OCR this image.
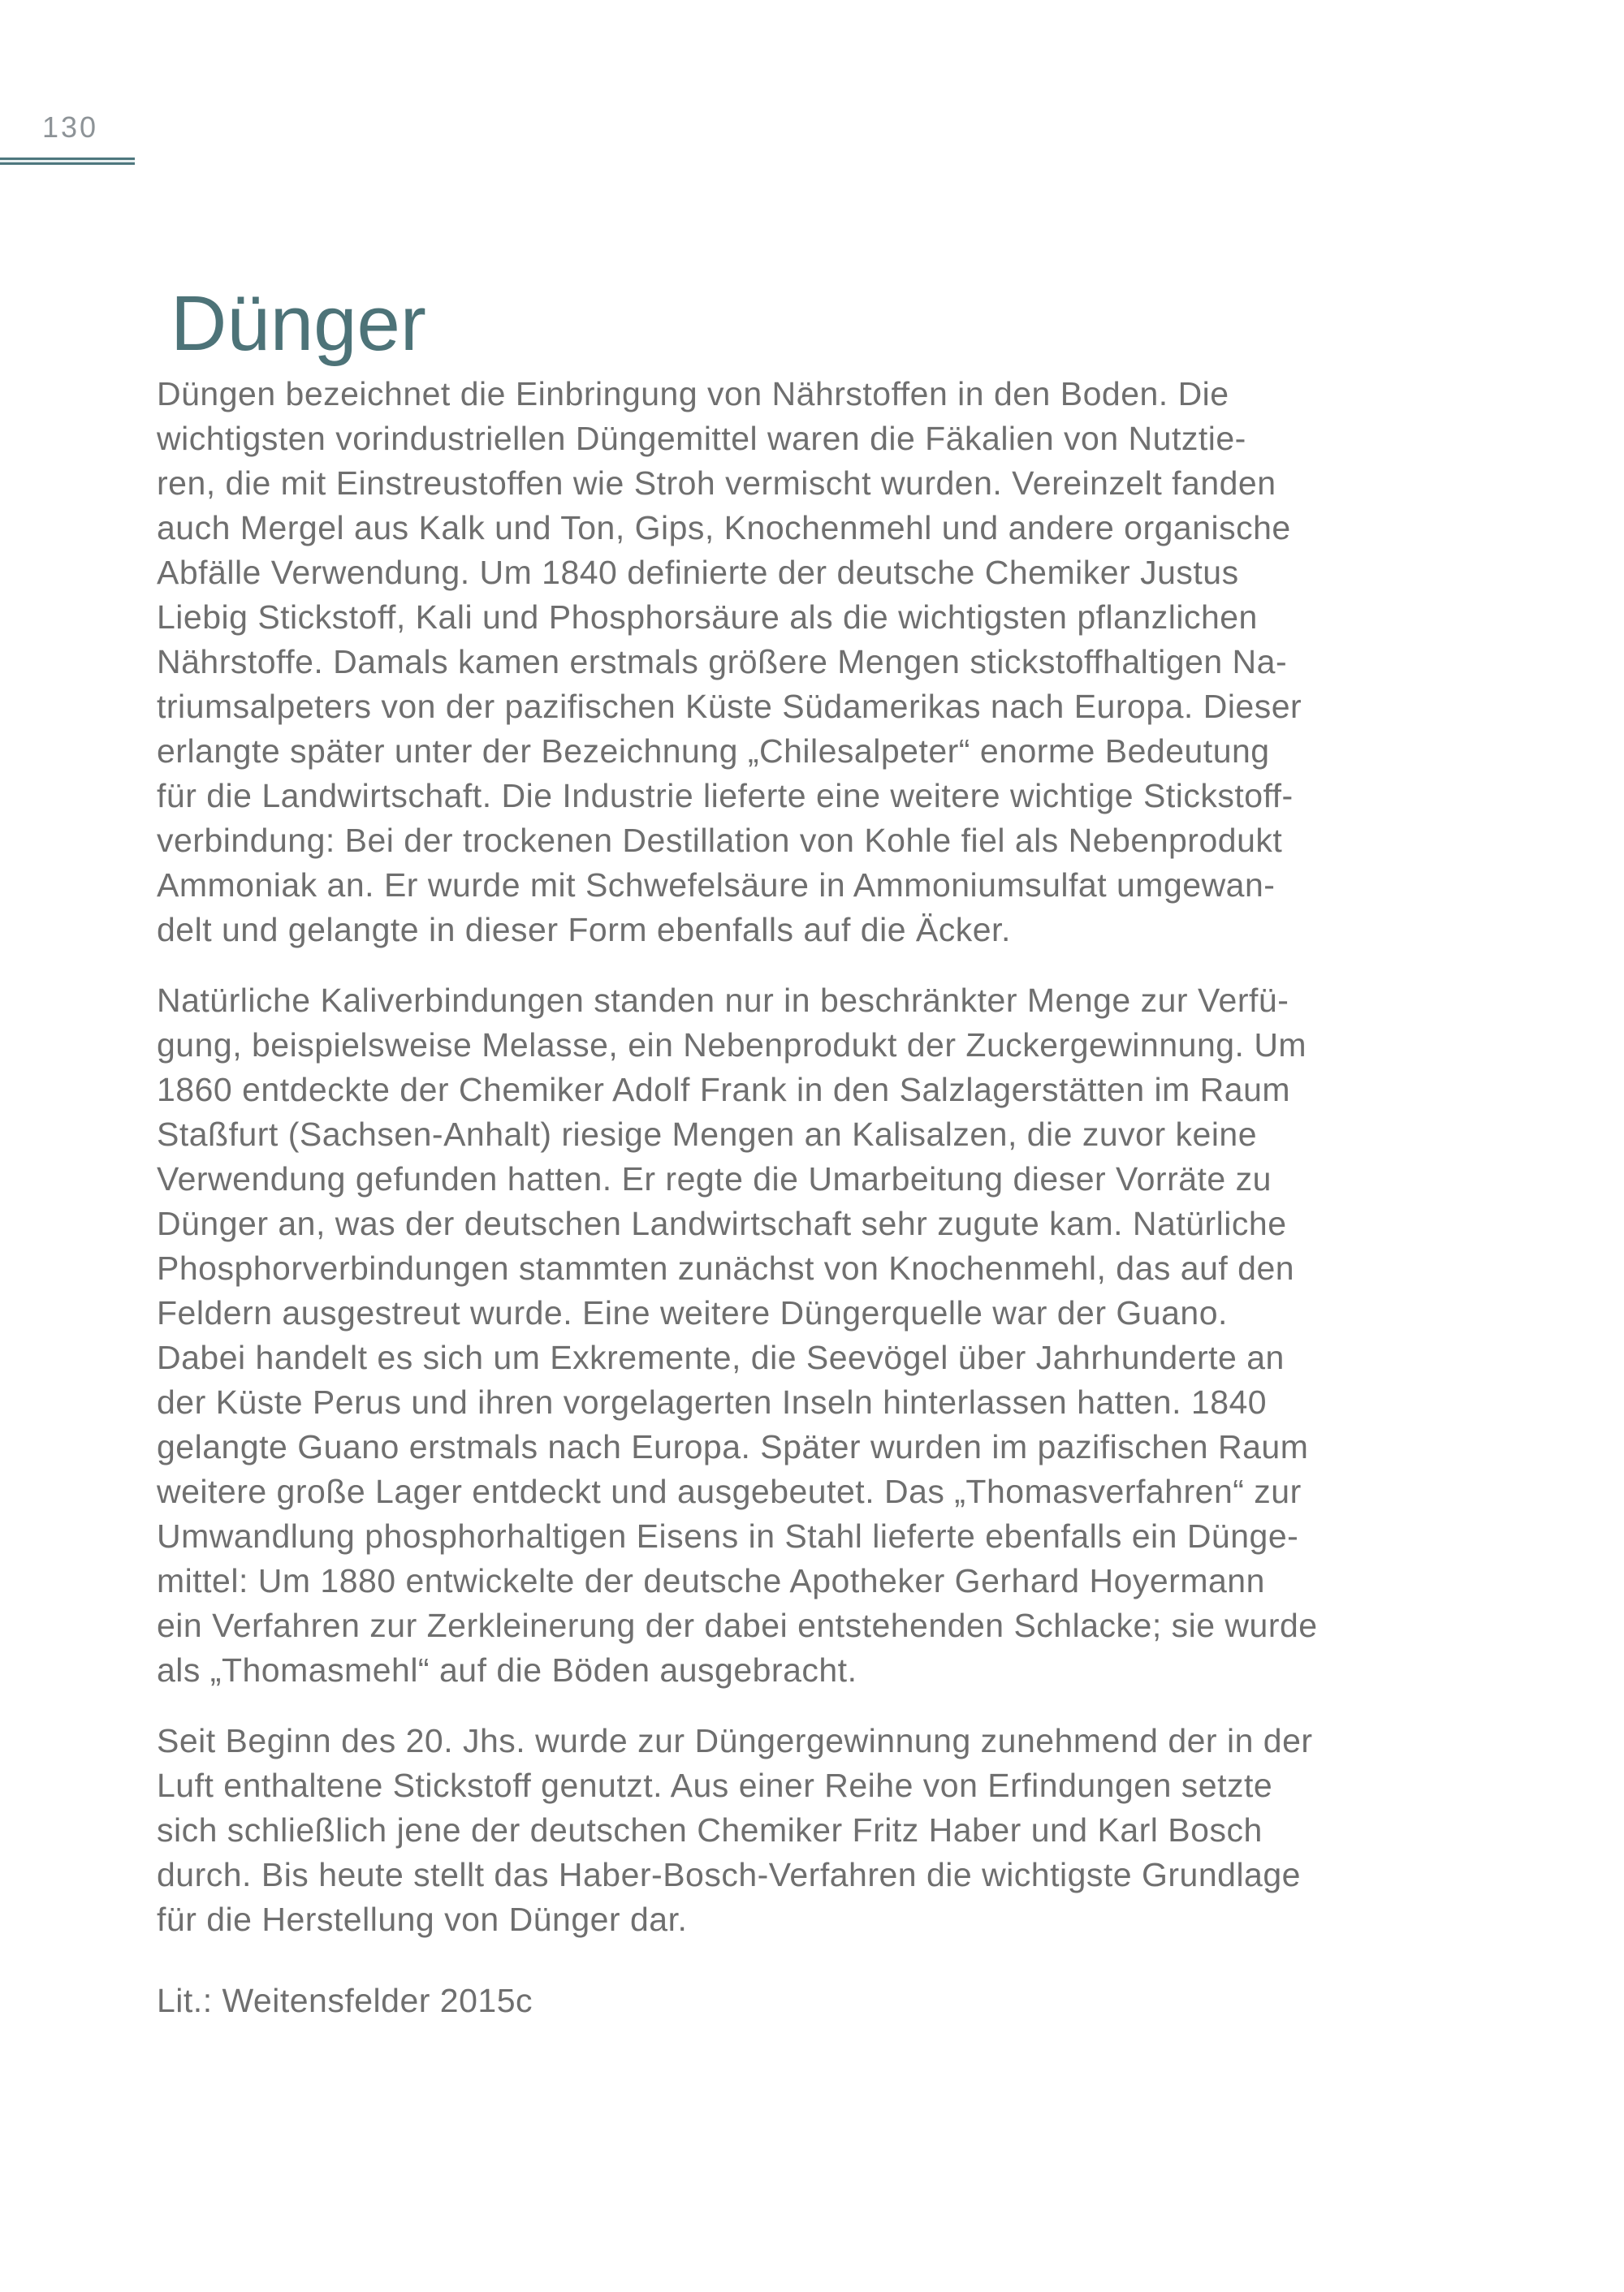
130
Dünger

Düngen bezeichnet die Einbringung von Nährstoffen in den Boden. Die
wichtigsten vorindustriellen Düngemittel waren die Fäkalien von Nutztie-
ren, die mit Einstreustoffen wie Stroh vermischt wurden. Vereinzelt fanden
auch Mergel aus Kalk und Ton, Gips, Knochenmehl und andere organische
Abfälle Verwendung. Um 1840 definierte der deutsche Chemiker Justus
Liebig Stickstoff, Kali und Phosphorsäure als die wichtigsten pflanzlichen
Nährstoffe. Damals kamen erstmals größere Mengen stickstoffhaltigen Na-
triumsalpeters von der pazifischen Küste Südamerikas nach Europa. Dieser
erlangte später unter der Bezeichnung „Chilesalpeter“ enorme Bedeutung
für die Landwirtschaft. Die Industrie lieferte eine weitere wichtige Stickstoff-
verbindung: Bei der trockenen Destillation von Kohle fiel als Nebenprodukt
Ammoniak an. Er wurde mit Schwefelsäure in Ammoniumsulfat umgewan-
delt und gelangte in dieser Form ebenfalls auf die Äcker.

Natürliche Kaliverbindungen standen nur in beschränkter Menge zur Verfü-
gung, beispielsweise Melasse, ein Nebenprodukt der Zuckergewinnung. Um
1860 entdeckte der Chemiker Adolf Frank in den Salzlagerstätten im Raum
Staßfurt (Sachsen-Anhalt) riesige Mengen an Kalisalzen, die zuvor keine
Verwendung gefunden hatten. Er regte die Umarbeitung dieser Vorräte zu
Dünger an, was der deutschen Landwirtschaft sehr zugute kam. Natürliche
Phosphorverbindungen stammten zunächst von Knochenmehl, das auf den
Feldern ausgestreut wurde. Eine weitere Düngerquelle war der Guano.
Dabei handelt es sich um Exkremente, die Seevögel über Jahrhunderte an
der Küste Perus und ihren vorgelagerten Inseln hinterlassen hatten. 1840
gelangte Guano erstmals nach Europa. Später wurden im pazifischen Raum
weitere große Lager entdeckt und ausgebeutet. Das „Thomasverfahren“ zur
Umwandlung phosphorhaltigen Eisens in Stahl lieferte ebenfalls ein Dünge-
mittel: Um 1880 entwickelte der deutsche Apotheker Gerhard Hoyermann
ein Verfahren zur Zerkleinerung der dabei entstehenden Schlacke; sie wurde
als „Thomasmehl“ auf die Böden ausgebracht.

Seit Beginn des 20. Jhs. wurde zur Düngergewinnung zunehmend der in der
Luft enthaltene Stickstoff genutzt. Aus einer Reihe von Erfindungen setzte
sich schließlich jene der deutschen Chemiker Fritz Haber und Karl Bosch
durch. Bis heute stellt das Haber-Bosch-Verfahren die wichtigste Grundlage
für die Herstellung von Dünger dar.

Lit.: Weitensfelder 2015c
